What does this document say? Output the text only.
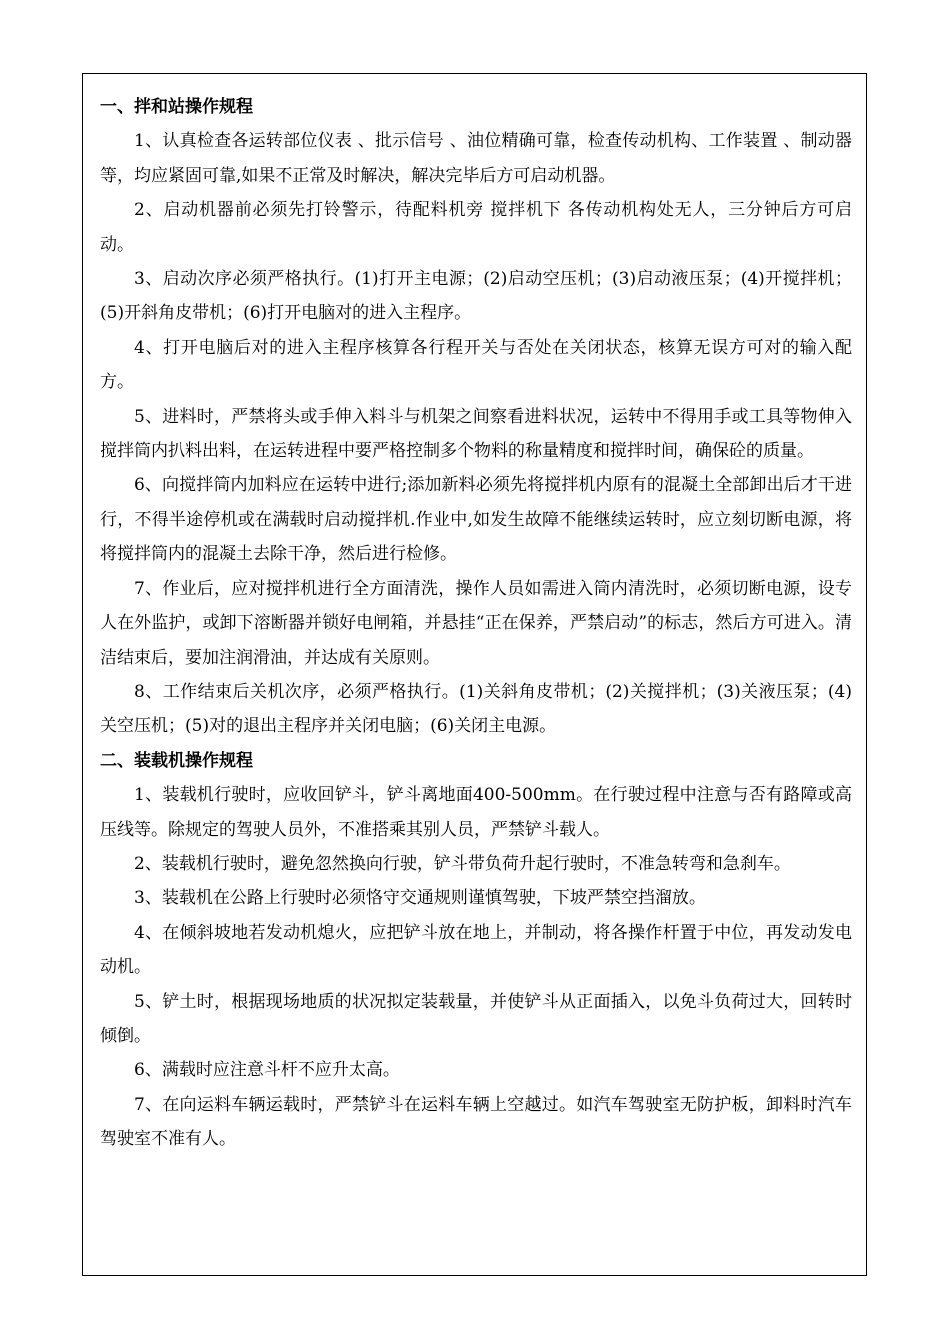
一、拌和站操作规程

1、认真检查各运转部位仪表 、批示信号 、油位精确可靠，检查传动机构、工作装置 、制动器等，均应紧固可靠,如果不正常及时解决，解决完毕后方可启动机器。

2、启动机器前必须先打铃警示，待配料机旁 搅拌机下 各传动机构处无人，三分钟后方可启动。

3、启动次序必须严格执行。(1)打开主电源；(2)启动空压机；(3)启动液压泵；(4)开搅拌机；(5)开斜角皮带机；(6)打开电脑对的进入主程序。

4、打开电脑后对的进入主程序核算各行程开关与否处在关闭状态，核算无误方可对的输入配方。

5、进料时，严禁将头或手伸入料斗与机架之间察看进料状况，运转中不得用手或工具等物伸入搅拌筒内扒料出料，在运转进程中要严格控制多个物料的称量精度和搅拌时间，确保砼的质量。

6、向搅拌筒内加料应在运转中进行;添加新料必须先将搅拌机内原有的混凝土全部卸出后才干进行，不得半途停机或在满载时启动搅拌机.作业中,如发生故障不能继续运转时，应立刻切断电源，将将搅拌筒内的混凝土去除干净，然后进行检修。

7、作业后，应对搅拌机进行全方面清洗，操作人员如需进入筒内清洗时，必须切断电源，设专人在外监护，或卸下溶断器并锁好电闸箱，并悬挂“正在保养，严禁启动”的标志，然后方可进入。清洁结束后，要加注润滑油，并达成有关原则。

8、工作结束后关机次序，必须严格执行。(1)关斜角皮带机；(2)关搅拌机；(3)关液压泵；(4)关空压机；(5)对的退出主程序并关闭电脑；(6)关闭主电源。

二、装载机操作规程

1、装载机行驶时，应收回铲斗，铲斗离地面400-500mm。在行驶过程中注意与否有路障或高压线等。除规定的驾驶人员外，不准搭乘其别人员，严禁铲斗载人。

2、装载机行驶时，避免忽然换向行驶，铲斗带负荷升起行驶时，不准急转弯和急刹车。

3、装载机在公路上行驶时必须恪守交通规则谨慎驾驶，下坡严禁空挡溜放。

4、在倾斜坡地若发动机熄火，应把铲斗放在地上，并制动，将各操作杆置于中位，再发动发电动机。

5、铲土时，根据现场地质的状况拟定装载量，并使铲斗从正面插入，以免斗负荷过大，回转时倾倒。

6、满载时应注意斗杆不应升太高。

7、在向运料车辆运载时，严禁铲斗在运料车辆上空越过。如汽车驾驶室无防护板，卸料时汽车驾驶室不准有人。
